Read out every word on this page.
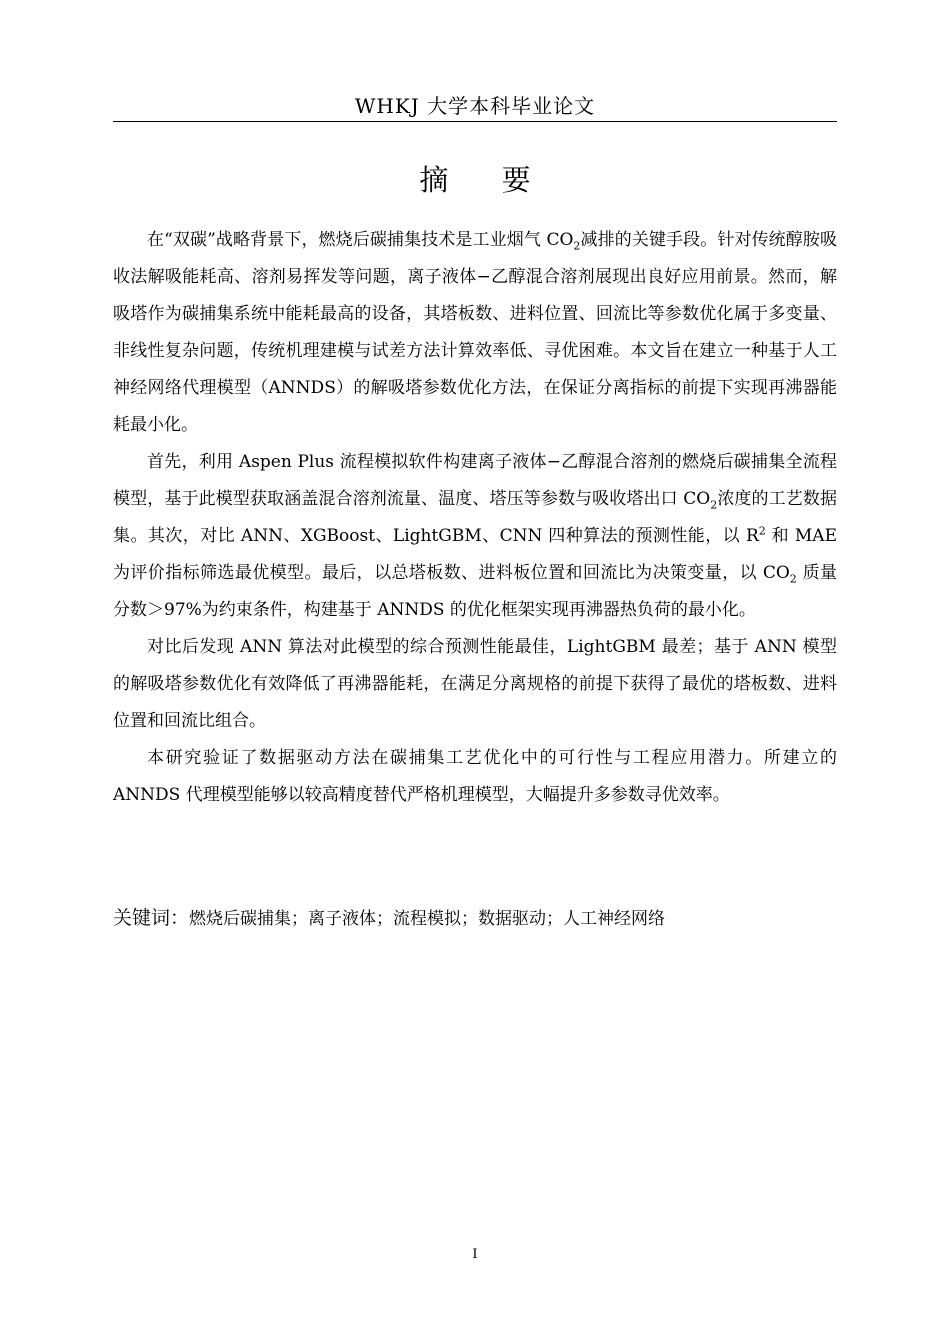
WHKJ 大学本科毕业论文
摘 要

在“双碳”战略背景下，燃烧后碳捕集技术是工业烟气 $CO_2$减排的关键手段。针对传统醇胺吸收法解吸能耗高、溶剂易挥发等问题，离子液体−乙醇混合溶剂展现出良好应用前景。然而，解吸塔作为碳捕集系统中能耗最高的设备，其塔板数、进料位置、回流比等参数优化属于多变量、非线性复杂问题，传统机理建模与试差方法计算效率低、寻优困难。本文旨在建立一种基于人工神经网络代理模型（ANNDS）的解吸塔参数优化方法，在保证分离指标的前提下实现再沸器能耗最小化。

首先，利用 Aspen Plus 流程模拟软件构建离子液体−乙醇混合溶剂的燃烧后碳捕集全流程模型，基于此模型获取涵盖混合溶剂流量、温度、塔压等参数与吸收塔出口 $CO_2$浓度的工艺数据集。其次，对比 ANN、XGBoost、LightGBM、CNN 四种算法的预测性能，以 $R^2$ 和 MAE 为评价指标筛选最优模型。最后，以总塔板数、进料板位置和回流比为决策变量，以 $CO_2$ 质量分数＞97%为约束条件，构建基于 ANNDS 的优化框架实现再沸器热负荷的最小化。

对比后发现 ANN 算法对此模型的综合预测性能最佳，LightGBM 最差；基于 ANN 模型的解吸塔参数优化有效降低了再沸器能耗，在满足分离规格的前提下获得了最优的塔板数、进料位置和回流比组合。

本研究验证了数据驱动方法在碳捕集工艺优化中的可行性与工程应用潜力。所建立的 ANNDS 代理模型能够以较高精度替代严格机理模型，大幅提升多参数寻优效率。

关键词：燃烧后碳捕集；离子液体；流程模拟；数据驱动；人工神经网络
I
